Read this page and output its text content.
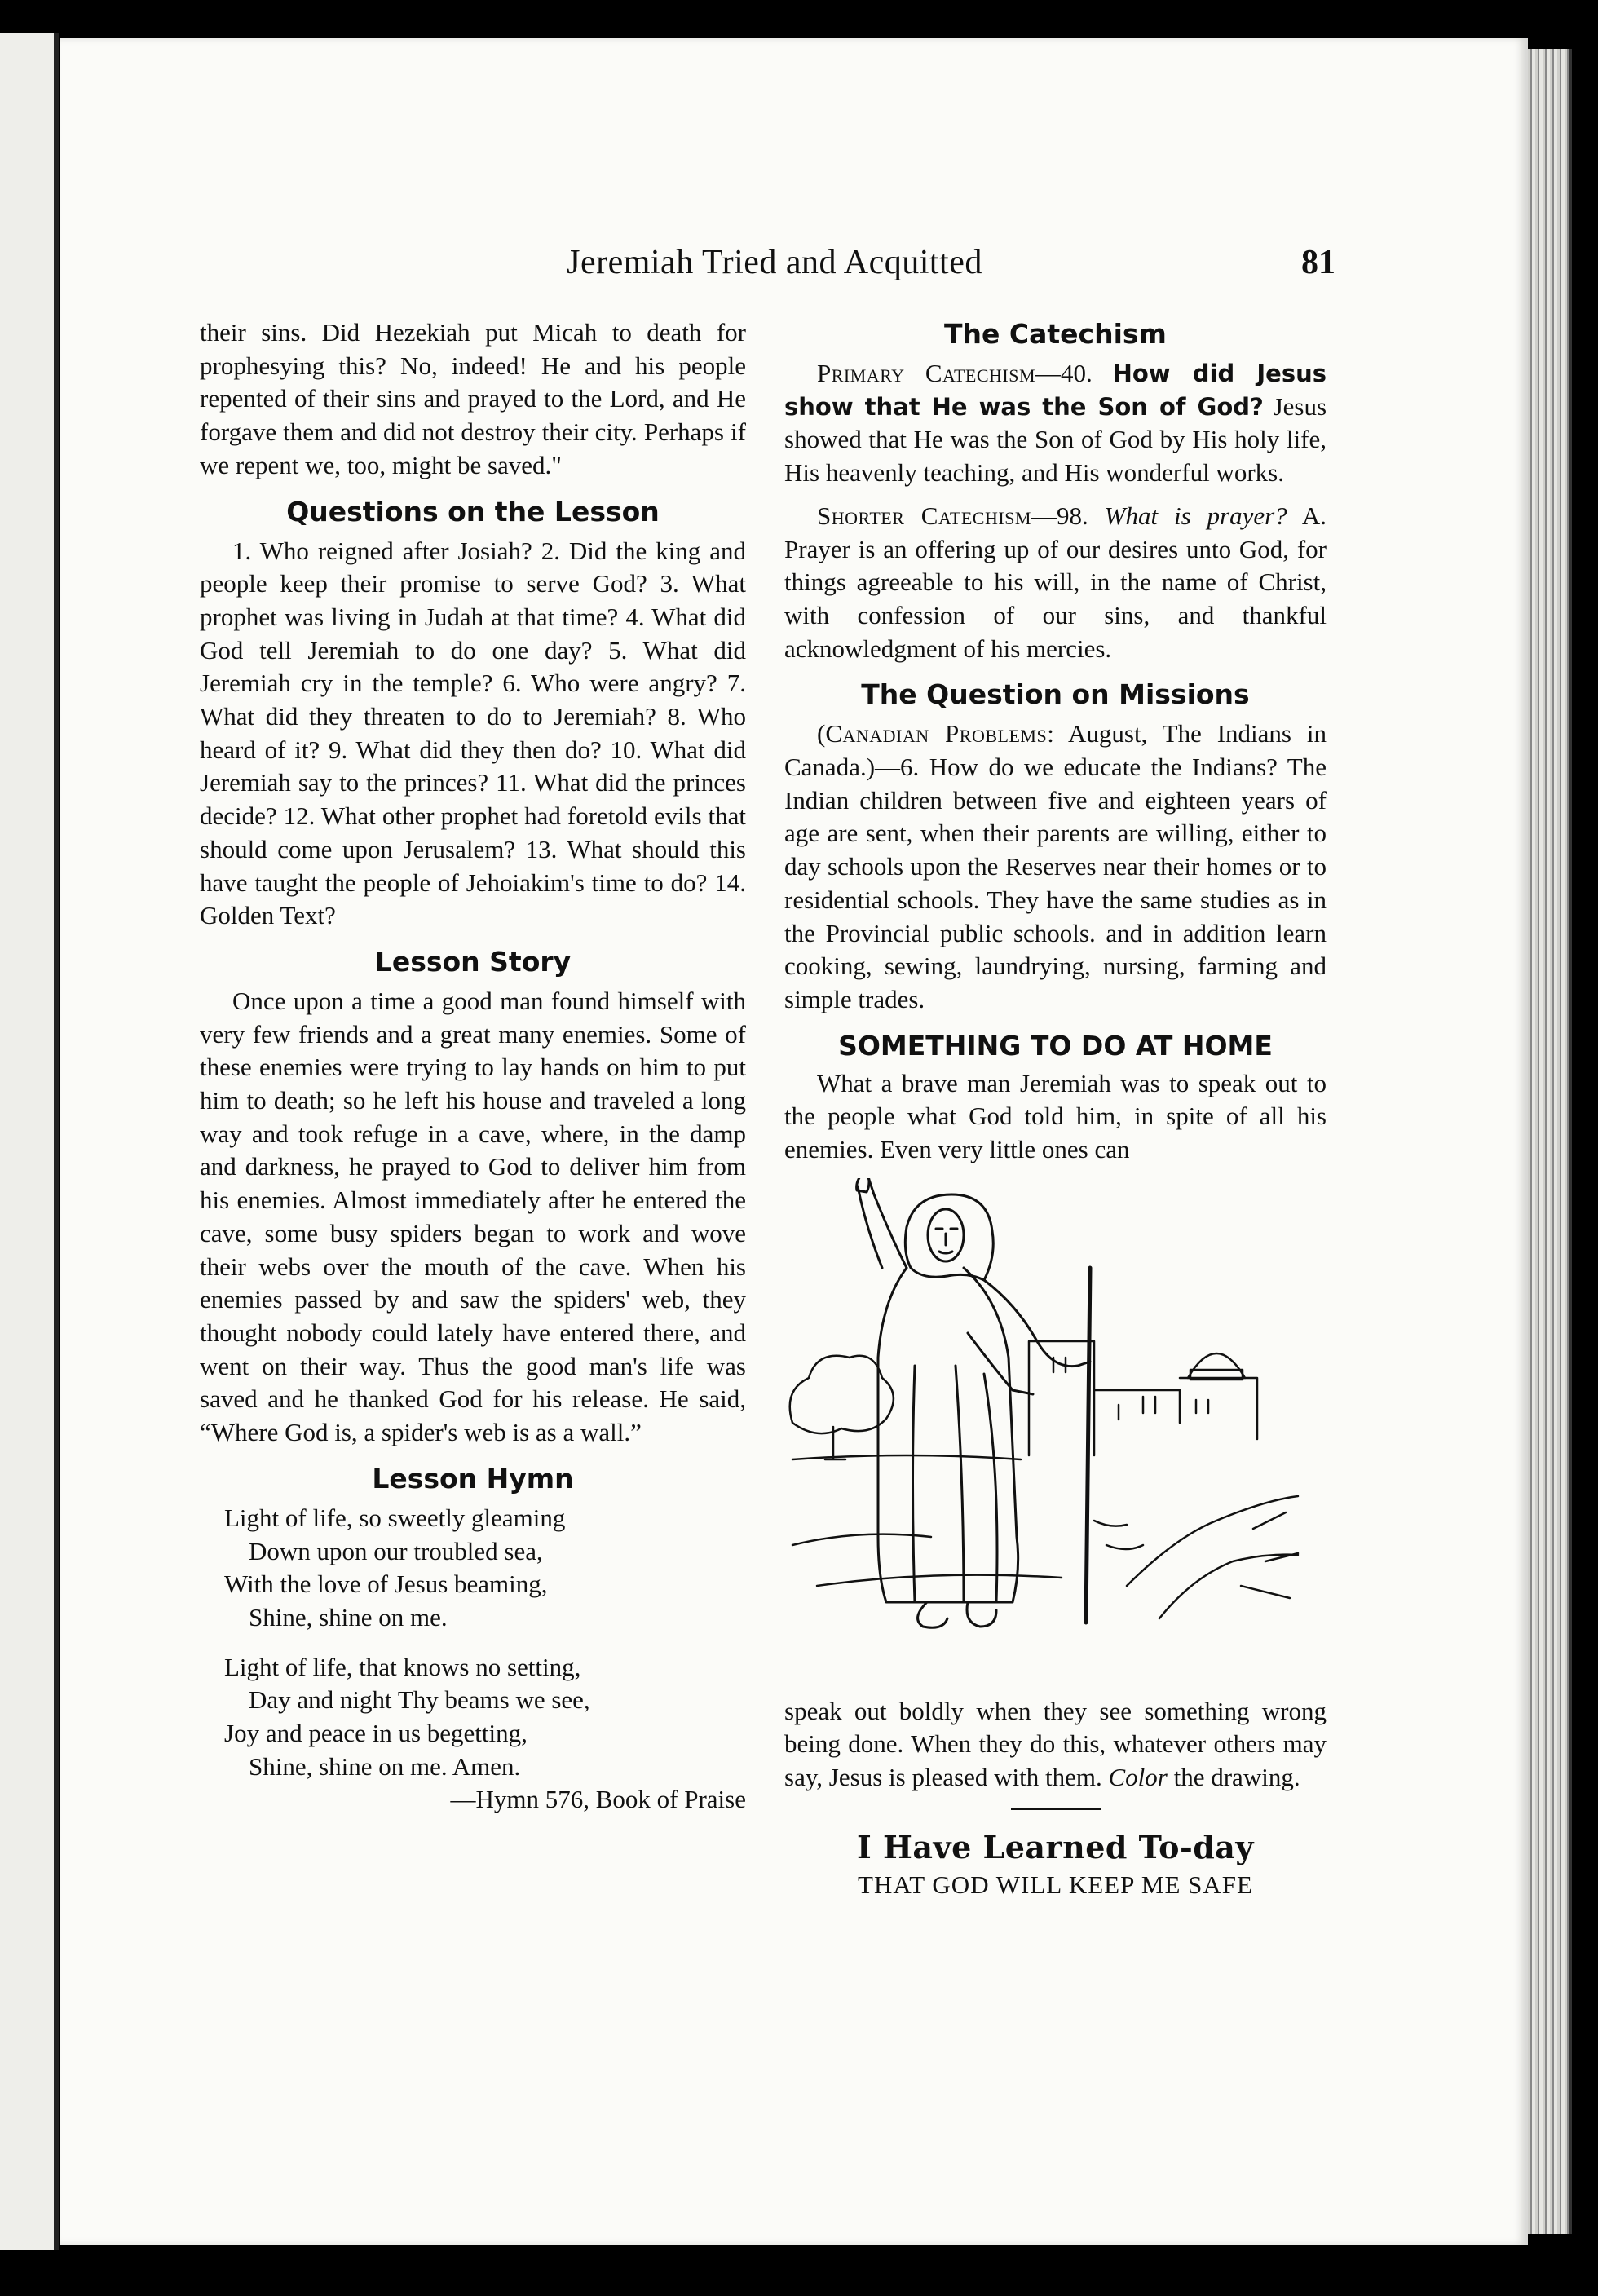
Jeremiah Tried and Acquitted	81

their sins. Did Hezekiah put Micah to death for prophesying this? No, indeed! He and his people repented of their sins and prayed to the Lord, and He forgave them and did not destroy their city. Perhaps if we repent we, too, might be saved."

Questions on the Lesson

1. Who reigned after Josiah? 2. Did the king and people keep their promise to serve God? 3. What prophet was living in Judah at that time? 4. What did God tell Jeremiah to do one day? 5. What did Jeremiah cry in the temple? 6. Who were angry? 7. What did they threaten to do to Jeremiah? 8. Who heard of it? 9. What did they then do? 10. What did Jeremiah say to the princes? 11. What did the princes decide? 12. What other prophet had foretold evils that should come upon Jerusalem? 13. What should this have taught the people of Jehoiakim's time to do? 14. Golden Text?

Lesson Story

Once upon a time a good man found himself with very few friends and a great many enemies. Some of these enemies were trying to lay hands on him to put him to death; so he left his house and traveled a long way and took refuge in a cave, where, in the damp and darkness, he prayed to God to deliver him from his enemies. Almost immediately after he entered the cave, some busy spiders began to work and wove their webs over the mouth of the cave. When his enemies passed by and saw the spiders' web, they thought nobody could lately have entered there, and went on their way. Thus the good man's life was saved and he thanked God for his release. He said, “Where God is, a spider's web is as a wall.”

Lesson Hymn
Light of life, so sweetly gleaming
Down upon our troubled sea,
With the love of Jesus beaming,
Shine, shine on me.
Light of life, that knows no setting,
Day and night Thy beams we see,
Joy and peace in us begetting,
Shine, shine on me. Amen.
—Hymn 576, Book of Praise
The Catechism

Primary Catechism—40. How did Jesus show that He was the Son of God? Jesus showed that He was the Son of God by His holy life, His heavenly teaching, and His wonderful works.

Shorter Catechism—98. What is prayer? A. Prayer is an offering up of our desires unto God, for things agreeable to his will, in the name of Christ, with confession of our sins, and thankful acknowledgment of his mercies.

The Question on Missions

(Canadian Problems: August, The Indians in Canada.)—6. How do we educate the Indians? The Indian children between five and eighteen years of age are sent, when their parents are willing, either to day schools upon the Reserves near their homes or to residential schools. They have the same studies as in the Provincial public schools. and in addition learn cooking, sewing, laundrying, nursing, farming and simple trades.

SOMETHING TO DO AT HOME

What a brave man Jeremiah was to speak out to the people what God told him, in spite of all his enemies. Even very little ones can

speak out boldly when they see something wrong being done. When they do this, whatever others may say, Jesus is pleased with them. Color the drawing.

I Have Learned To-day
THAT GOD WILL KEEP ME SAFE
